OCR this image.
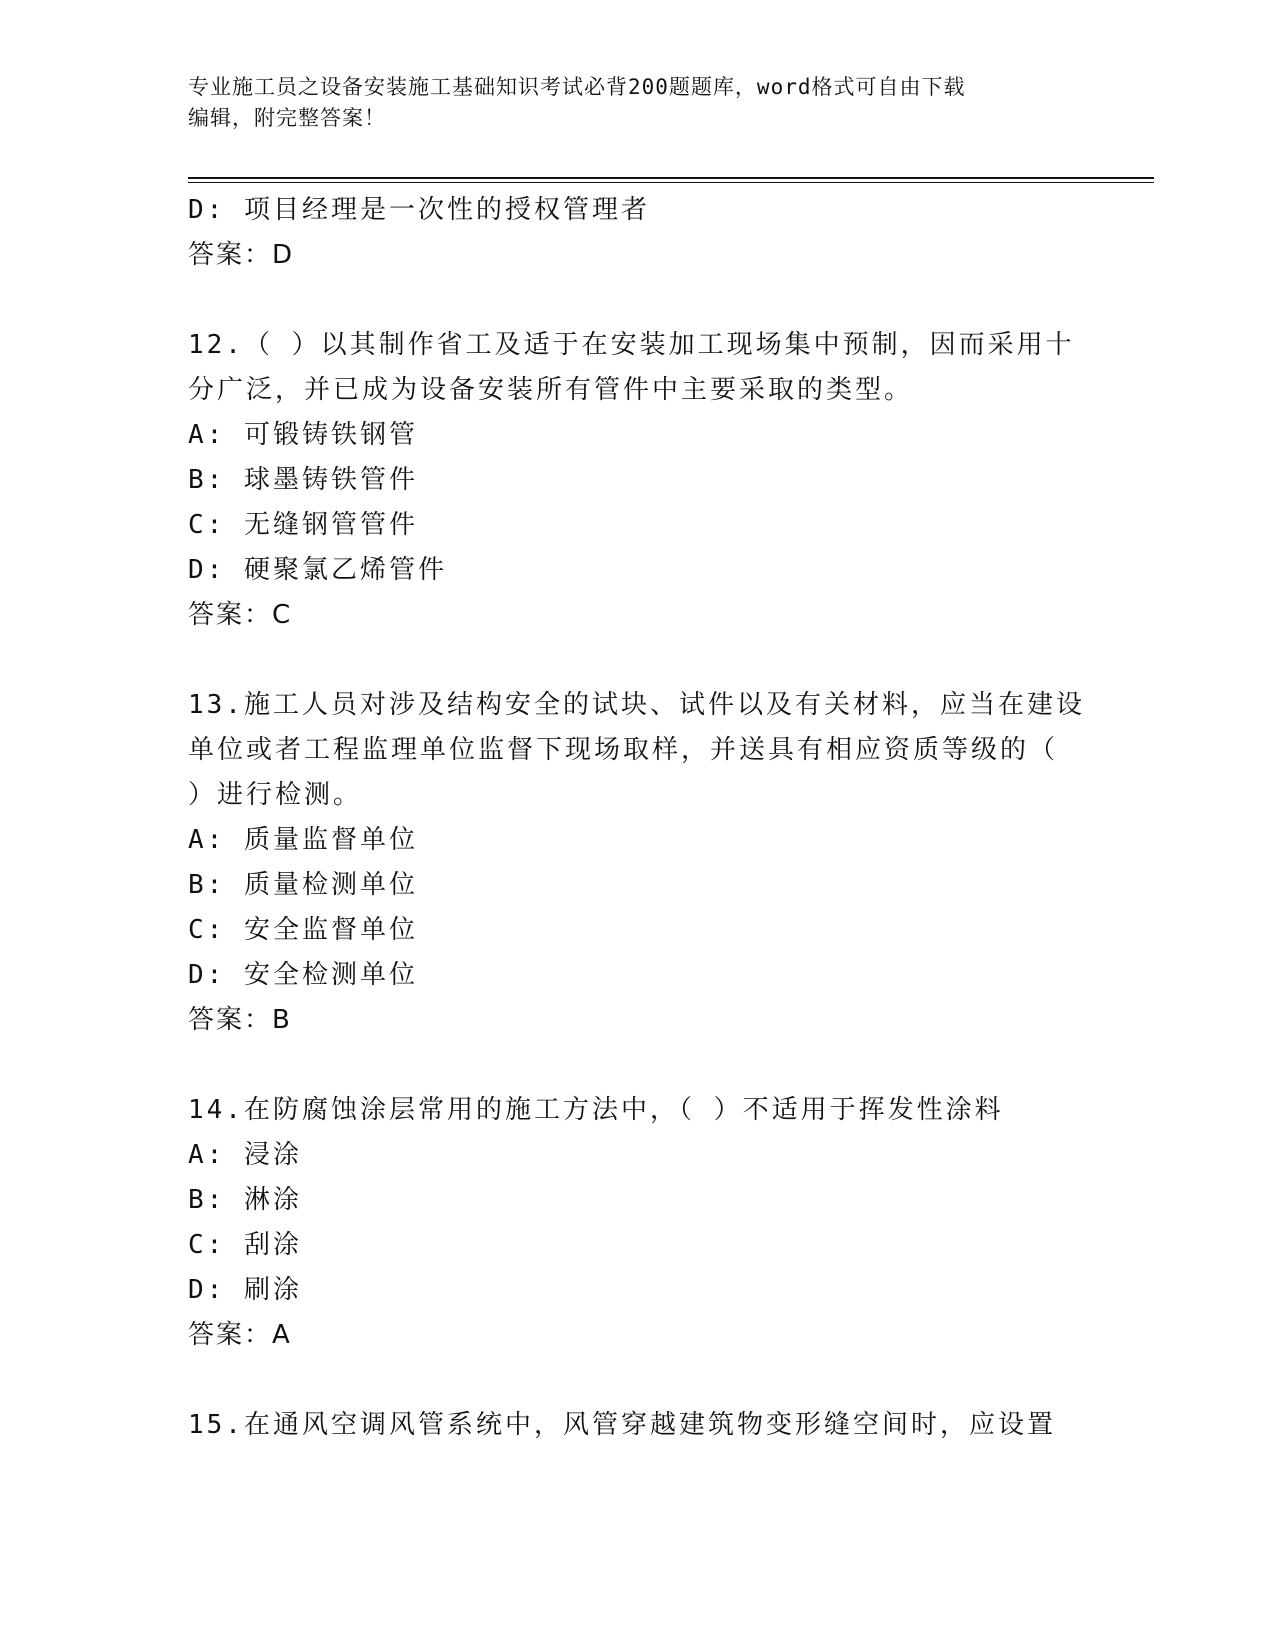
专业施工员之设备安装施工基础知识考试必背200题题库，word格式可自由下载
编辑，附完整答案！
D: 项目经理是一次性的授权管理者
答案：D
12.（ ）以其制作省工及适于在安装加工现场集中预制，因而采用十
分广泛，并已成为设备安装所有管件中主要采取的类型。
A: 可锻铸铁钢管
B: 球墨铸铁管件
C: 无缝钢管管件
D: 硬聚氯乙烯管件
答案：C
13.施工人员对涉及结构安全的试块、试件以及有关材料，应当在建设
单位或者工程监理单位监督下现场取样，并送具有相应资质等级的（
）进行检测。
A: 质量监督单位
B: 质量检测单位
C: 安全监督单位
D: 安全检测单位
答案：B
14.在防腐蚀涂层常用的施工方法中，（ ）不适用于挥发性涂料
A: 浸涂
B: 淋涂
C: 刮涂
D: 刷涂
答案：A
15.在通风空调风管系统中，风管穿越建筑物变形缝空间时，应设置
